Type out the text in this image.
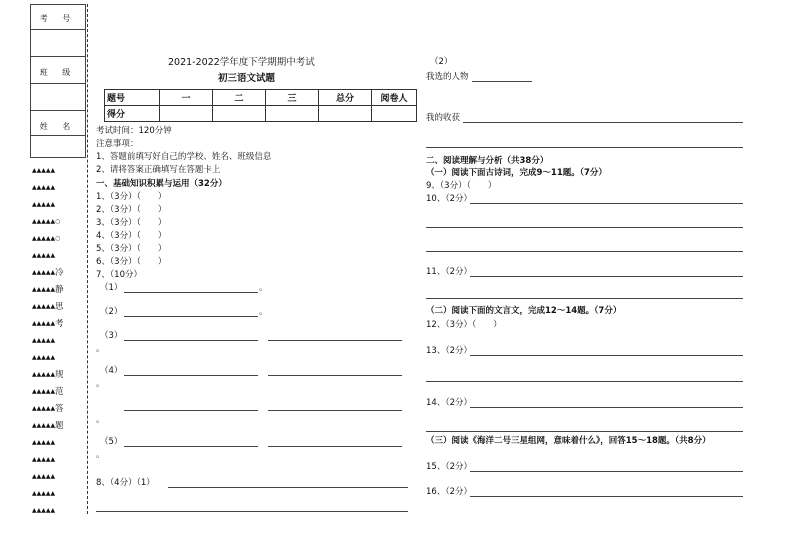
考 号
班 级
姓 名
▲▲▲▲▲
▲▲▲▲▲
▲▲▲▲▲
▲▲▲▲▲○
▲▲▲▲▲○
▲▲▲▲▲
▲▲▲▲▲
▲▲▲▲▲
▲▲▲▲▲
▲▲▲▲▲
▲▲▲▲▲
▲▲▲▲▲
▲▲▲▲▲
▲▲▲▲▲
▲▲▲▲▲
▲▲▲▲▲
▲▲▲▲▲
▲▲▲▲▲
▲▲▲▲▲
▲▲▲▲▲
▲▲▲▲▲
冷
静
思
考
规
范
答
题
2021-2022学年度下学期期中考试
初三语文试题
题号	一	二	三	总分	阅卷人
得分					
考试时间：120分钟
注意事项：
1、答题前填写好自己的学校、姓名、班级信息
2、请将答案正确填写在答题卡上
一、基础知识积累与运用（32分）
1、（3分）（　　）
2、（3分）（　　）
3、（3分）（　　）
4、（3分）（　　）
5、（3分）（　　）
6、（3分）（　　）
7、（10分）
（1）	。
（2）	。
（3）
。
（4）
。
。
（5）
。
8、（4分）（1）
（2）
我选的人物
我的收获
二、阅读理解与分析（共38分）
（一）阅读下面古诗词，完成9～11题。（7分）
9、（3分）（　　）
10、（2分）
11、（2分）
（二）阅读下面的文言文，完成12～14题。（7分）
12、（3分）（　　）
13、（2分）
14、（2分）
（三）阅读《海洋二号三星组网，意味着什么》，回答15～18题。（共8分）
15、（2分）
16、（2分）
